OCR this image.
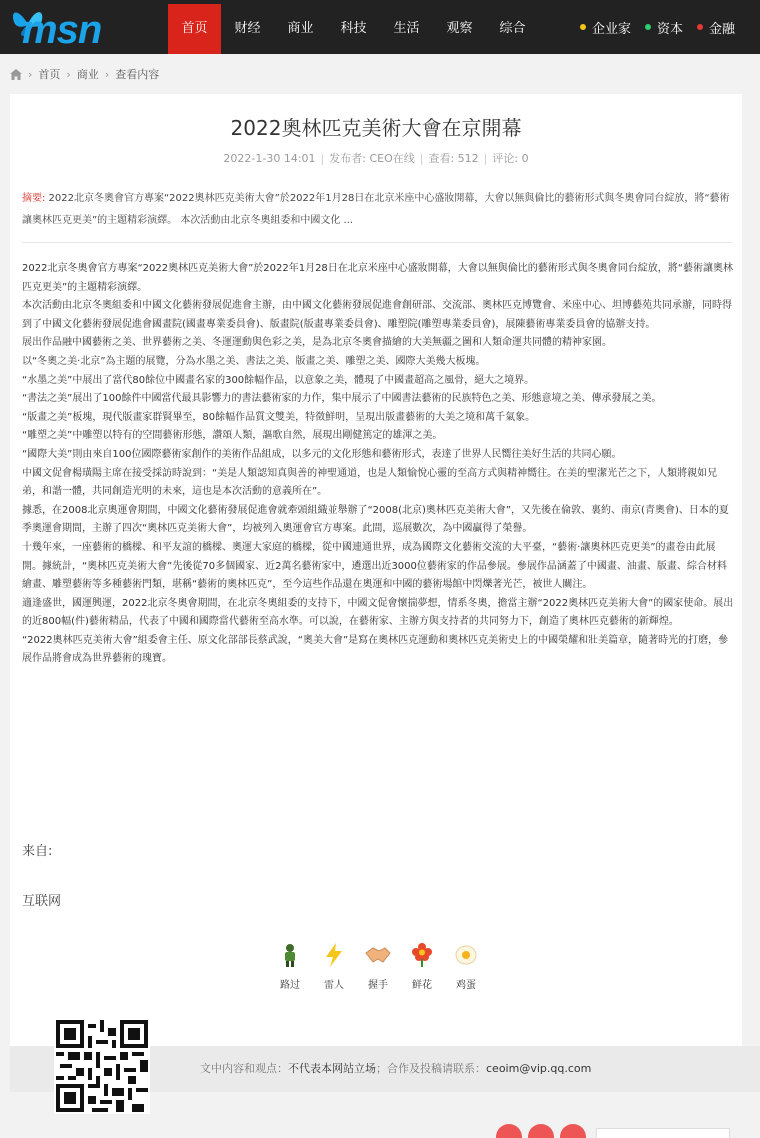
msn	首页	财经	商业	科技	生活	观察	综合	企业家 资本 金融
› 首页 › 商业 › 查看内容
2022奧林匹克美術大會在京開幕
2022-1-30 14:01 | 发布者: CEO在线 | 查看: 512 | 评论: 0
摘要: 2022北京冬奧會官方專案“2022奧林匹克美術大會”於2022年1月28日在北京米座中心盛妝開幕，大會以無與倫比的藝術形式與冬奧會同台綻放，將“藝術讓奧林匹克更美”的主題精彩演繹。 本次活動由北京冬奧組委和中國文化 ...

2022北京冬奧會官方專案“2022奧林匹克美術大會”於2022年1月28日在北京米座中心盛妝開幕，大會以無與倫比的藝術形式與冬奧會同台綻放，將“藝術讓奧林匹克更美”的主題精彩演繹。

本次活動由北京冬奧組委和中國文化藝術發展促進會主辦，由中國文化藝術發展促進會創研部、交流部、奧林匹克博覽會、米座中心、坦博藝苑共同承辦，同時得到了中國文化藝術發展促進會國畫院(國畫專業委員會)、版畫院(版畫專業委員會)、雕塑院(雕塑專業委員會)，展陳藝術專業委員會的協辦支持。

展出作品融中國藝術之美、世界藝術之美、冬運運動與色彩之美，是為北京冬奧會描繪的大美無疆之圖和人類命運共同體的精神家園。

以“冬奧之美·北京”為主題的展覽，分為水墨之美、書法之美、版畫之美、雕塑之美、國際大美幾大板塊。

“水墨之美”中展出了當代80餘位中國畫名家的300餘幅作品，以意象之美，體現了中國畫超高之風骨，絕大之境界。

“書法之美”展出了100餘件中國當代最具影響力的書法藝術家的力作，集中展示了中國書法藝術的民族特色之美、形態意境之美、傳承發展之美。

“版畫之美”板塊，現代版畫家群賢畢至，80餘幅作品質文雙美，特徵鮮明，呈現出版畫藝術的大美之境和萬千氣象。

“雕塑之美”中雕塑以特有的空間藝術形態，讚頌人類，謳歌自然，展現出剛健篤定的雄渾之美。

“國際大美”則由來自100位國際藝術家創作的美術作品組成，以多元的文化形態和藝術形式，表達了世界人民嚮往美好生活的共同心願。

中國文促會楊璜陽主席在接受採訪時說到：“美是人類認知真與善的神聖通道，也是人類愉悅心靈的至高方式與精神嚮往。在美的聖潔光芒之下，人類將親如兄弟，和諧一體，共同創造光明的未來，這也是本次活動的意義所在”。

據悉，在2008北京奧運會期間，中國文化藝術發展促進會就牽頭組織並舉辦了“2008(北京)奧林匹克美術大會”，又先後在倫敦、裏約、南京(青奧會)、日本的夏季奧運會期間，主辦了四次“奧林匹克美術大會”，均被列入奧運會官方專案。此間，巡展數次，為中國贏得了榮譽。

十幾年來，一座藝術的橋樑、和平友誼的橋樑、奧運大家庭的橋樑，從中國連通世界，成為國際文化藝術交流的大平臺，“藝術·讓奧林匹克更美”的畫卷由此展開。據統計，“奧林匹克美術大會”先後從70多個國家、近2萬名藝術家中，遴選出近3000位藝術家的作品參展。參展作品涵蓋了中國畫、油畫、版畫、綜合材料繪畫、雕塑藝術等多種藝術門類，堪稱“藝術的奧林匹克”，至今這些作品還在奧運和中國的藝術場館中閃爍著光芒，被世人關注。

適逢盛世，國運興運，2022北京冬奧會期間，在北京冬奧組委的支持下，中國文促會懷揣夢想，情系冬奧，擔當主辦“2022奧林匹克美術大會”的國家使命。展出的近800幅(件)藝術精品，代表了中國和國際當代藝術至高水準。可以說，在藝術家、主辦方與支持者的共同努力下，創造了奧林匹克藝術的新輝煌。

“2022奧林匹克美術大會”組委會主任、原文化部部長蔡武說，“奧美大會”是寫在奧林匹克運動和奧林匹克美術史上的中國榮耀和壯美篇章，隨著時光的打磨，參展作品將會成為世界藝術的瑰寶。

来自:
互联网
路过 雷人 握手 鲜花 鸡蛋
文中内容和观点：不代表本网站立场；合作及投稿请联系：ceoim@vip.qq.com
